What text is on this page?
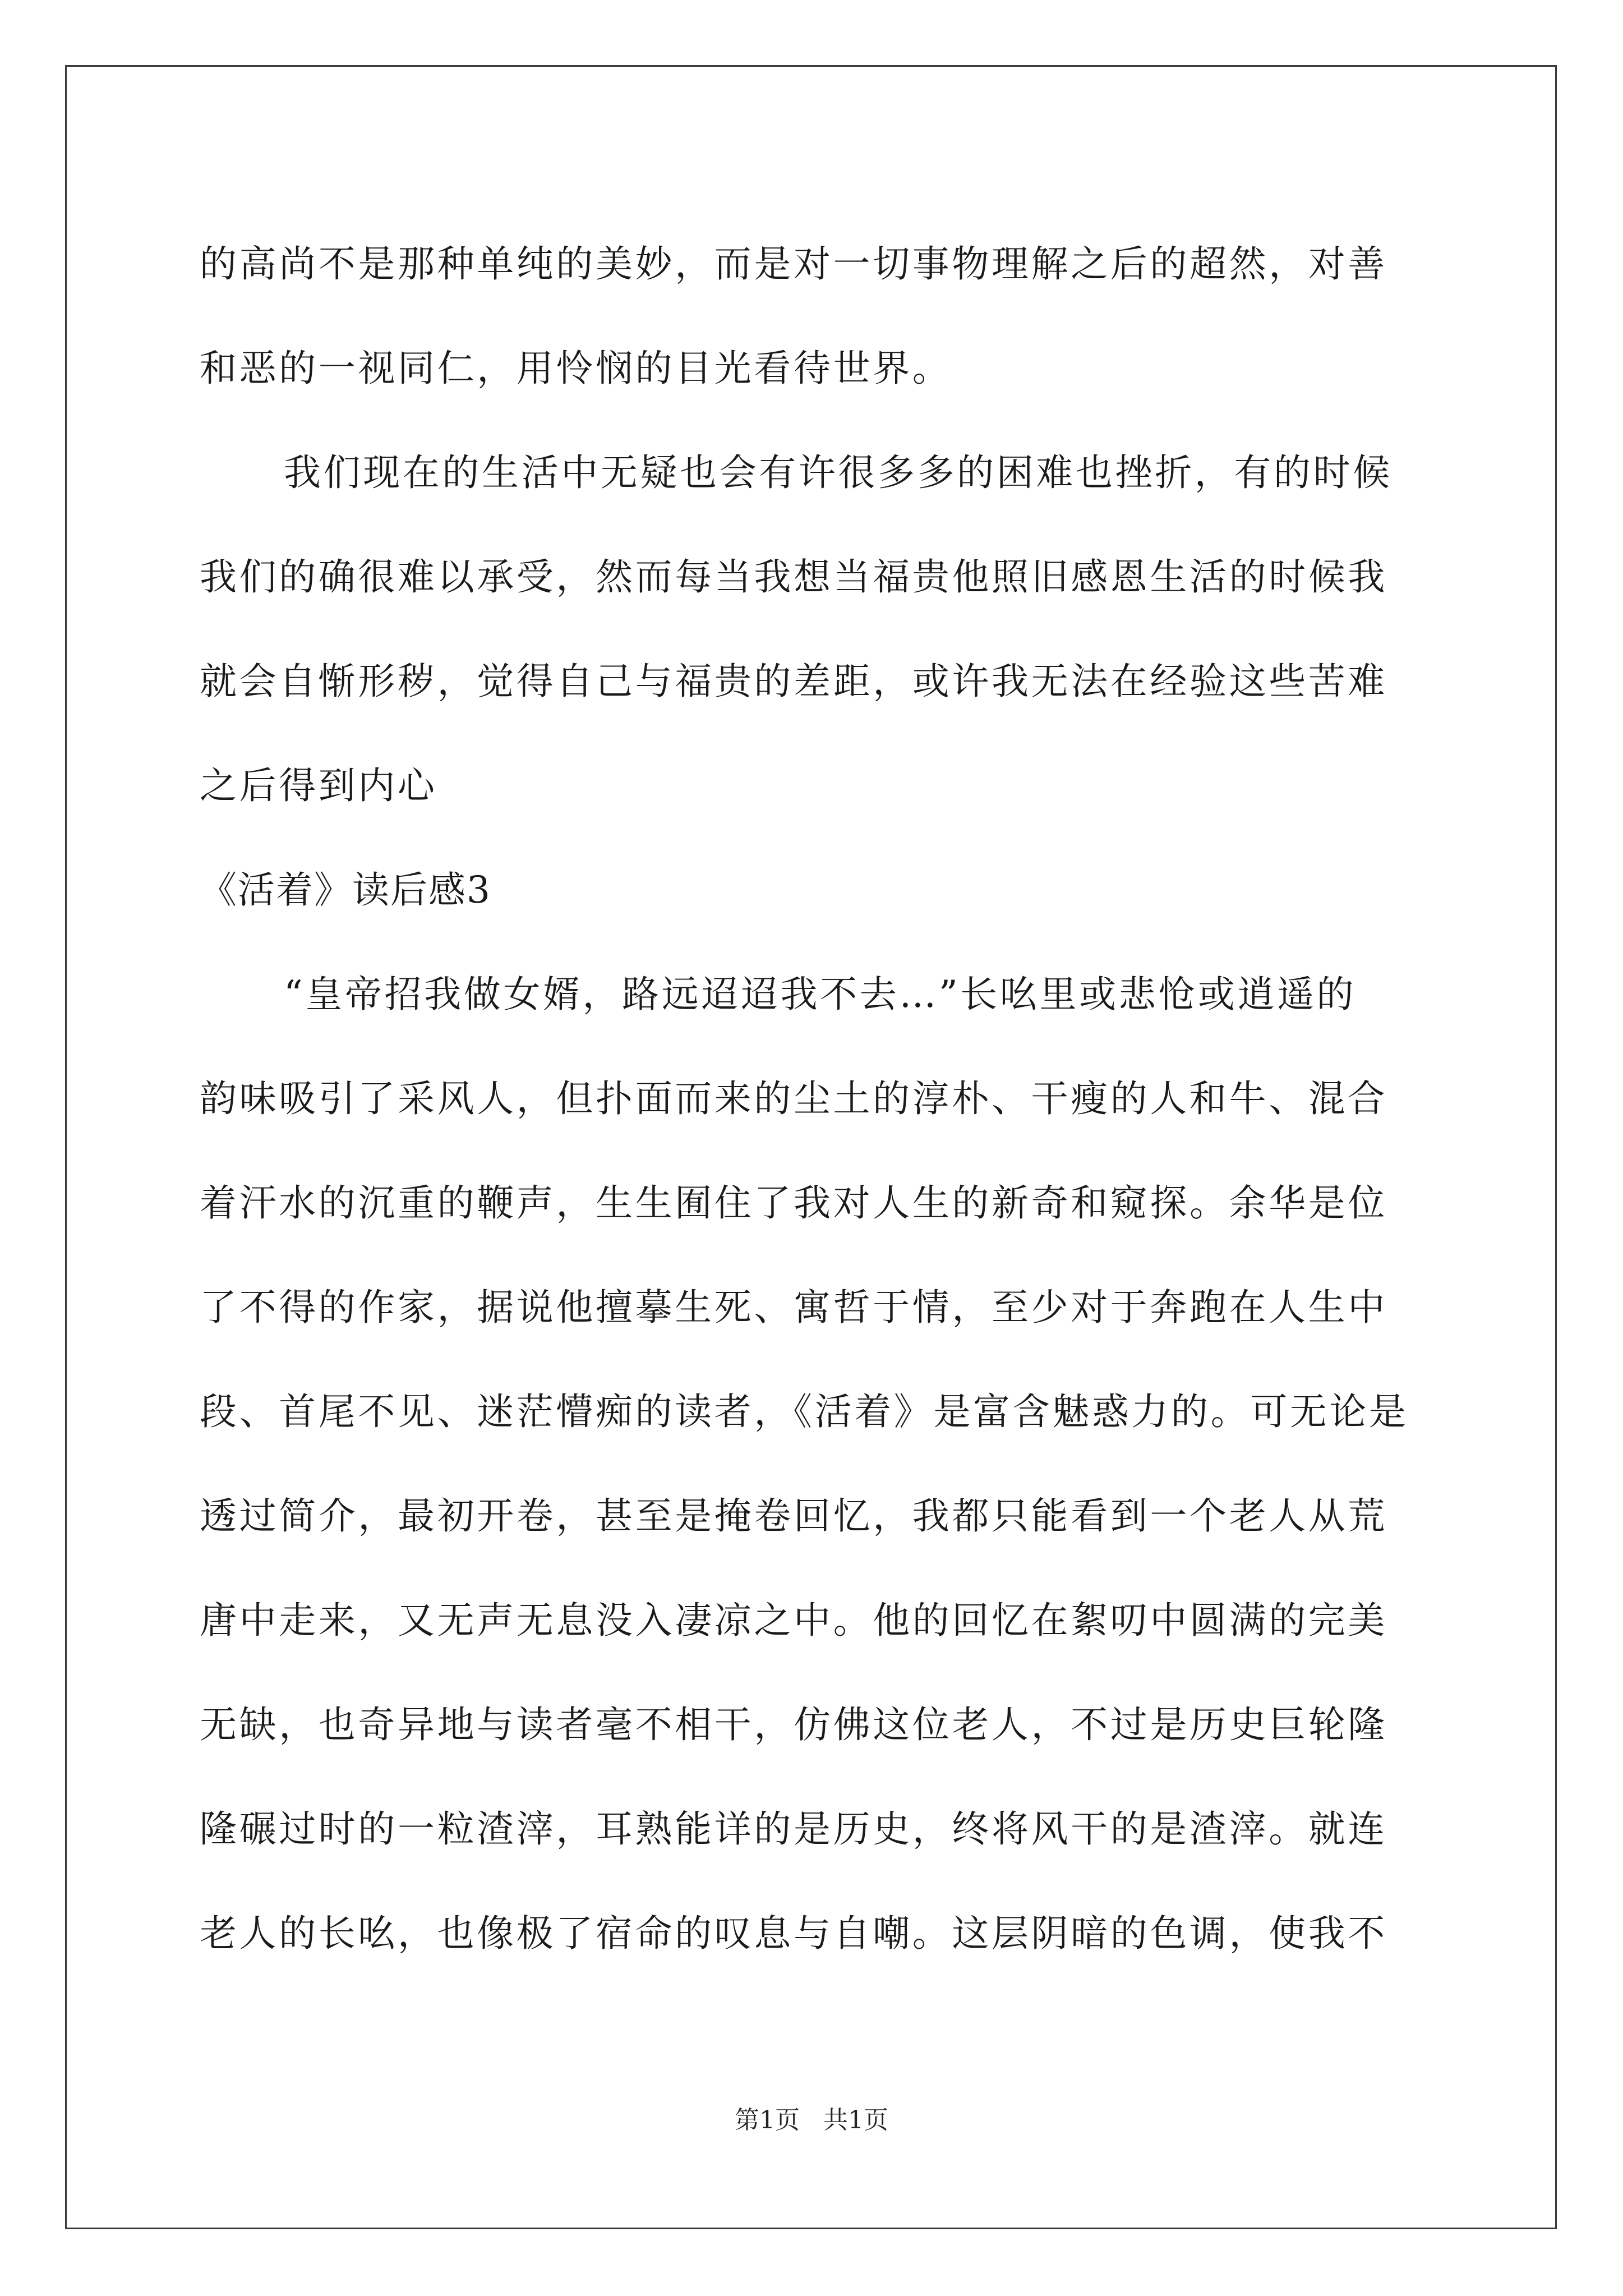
的高尚不是那种单纯的美妙，而是对一切事物理解之后的超然，对善
和恶的一视同仁，用怜悯的目光看待世界。
我们现在的生活中无疑也会有许很多多的困难也挫折，有的时候
我们的确很难以承受，然而每当我想当福贵他照旧感恩生活的时候我
就会自惭形秽，觉得自己与福贵的差距，或许我无法在经验这些苦难
之后得到内心
《活着》读后感3
“皇帝招我做女婿，路远迢迢我不去…”长吆里或悲怆或逍遥的
韵味吸引了采风人，但扑面而来的尘土的淳朴、干瘦的人和牛、混合
着汗水的沉重的鞭声，生生囿住了我对人生的新奇和窥探。余华是位
了不得的作家，据说他擅摹生死、寓哲于情，至少对于奔跑在人生中
段、首尾不见、迷茫懵痴的读者，《活着》是富含魅惑力的。可无论是
透过简介，最初开卷，甚至是掩卷回忆，我都只能看到一个老人从荒
唐中走来，又无声无息没入凄凉之中。他的回忆在絮叨中圆满的完美
无缺，也奇异地与读者毫不相干，仿佛这位老人，不过是历史巨轮隆
隆碾过时的一粒渣滓，耳熟能详的是历史，终将风干的是渣滓。就连
老人的长吆，也像极了宿命的叹息与自嘲。这层阴暗的色调，使我不
第1页 共1页
